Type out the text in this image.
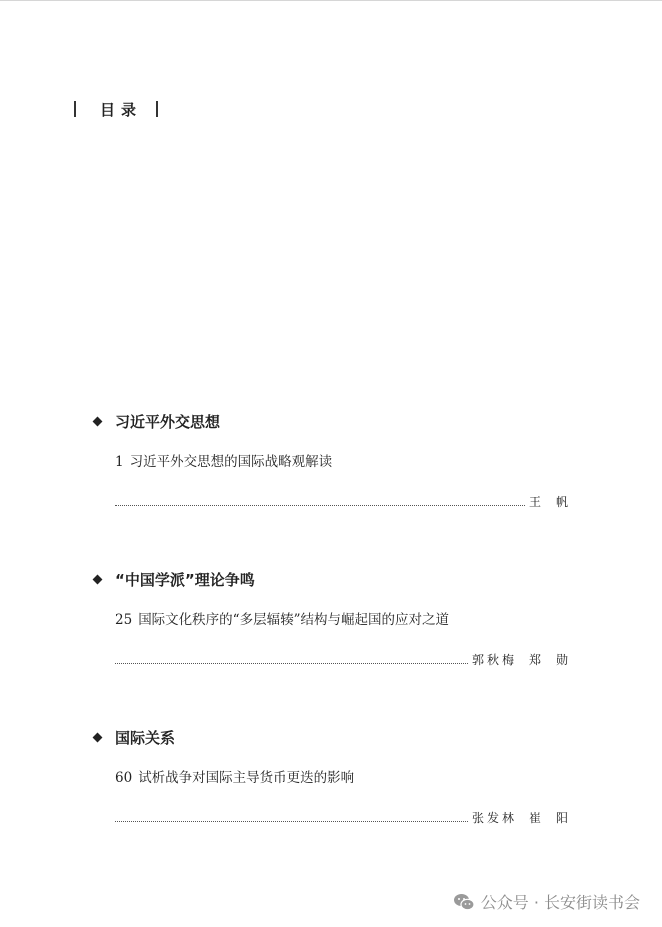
目录
习近平外交思想
1 习近平外交思想的国际战略观解读
王 帆
“中国学派”理论争鸣
25 国际文化秩序的“多层辐辏”结构与崛起国的应对之道
郭秋梅 郑 勋
国际关系
60 试析战争对国际主导货币更迭的影响
张发林 崔 阳
公众号 · 长安街读书会
